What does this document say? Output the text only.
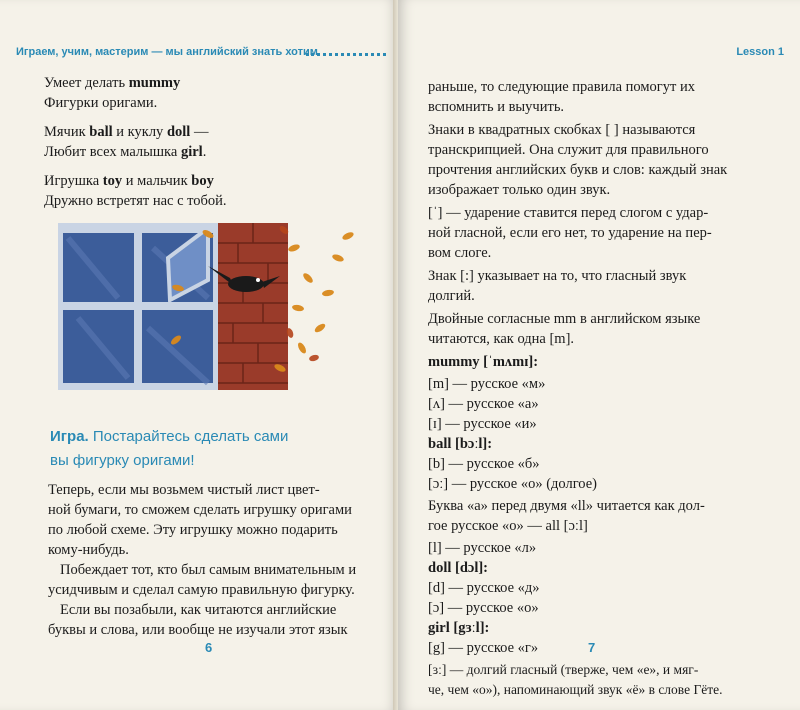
Играем, учим, мастерим — мы английский знать хотим
Умеет делать mummy
Фигурки оригами.
Мячик ball и куклу doll —
Любит всех малышка girl.
Игрушка toy и мальчик boy
Дружно встретят нас с тобой.
Игра. Постарайтесь сделать сами
вы фигурку оригами!
Теперь, если мы возьмем чистый лист цвет-
ной бумаги, то сможем сделать игрушку оригами
по любой схеме. Эту игрушку можно подарить
кому-нибудь.
Побеждает тот, кто был самым внимательным и
усидчивым и сделал самую правильную фигурку.
Если вы позабыли, как читаются английские
буквы и слова, или вообще не изучали этот язык
6
Lesson 1
раньше, то следующие правила помогут их
вспомнить и выучить.
Знаки в квадратных скобках [ ] называются
транскрипцией. Она служит для правильного
прочтения английских букв и слов: каждый знак
изображает только один звук.
[ˈ] — ударение ставится перед слогом с удар-
ной гласной, если его нет, то ударение на пер-
вом слоге.
Знак [:] указывает на то, что гласный звук
долгий.
Двойные согласные mm в английском языке
читаются, как одна [m].
mummy [ˈmʌmɪ]:
[m] — русское «м»
[ʌ] — русское «а»
[ɪ] — русское «и»
ball [bɔːl]:
[b] — русское «б»
[ɔː] — русское «о» (долгое)
Буква «а» перед двумя «ll» читается как дол-
гое русское «о» — all [ɔːl]
[l] — русское «л»
doll [dɔl]:
[d] — русское «д»
[ɔ] — русское «о»
girl [gɜːl]:
[g] — русское «г»
[ɜː] — долгий гласный (тверже, чем «е», и мяг-
че, чем «о»), напоминающий звук «ё» в слове Гёте.
7
